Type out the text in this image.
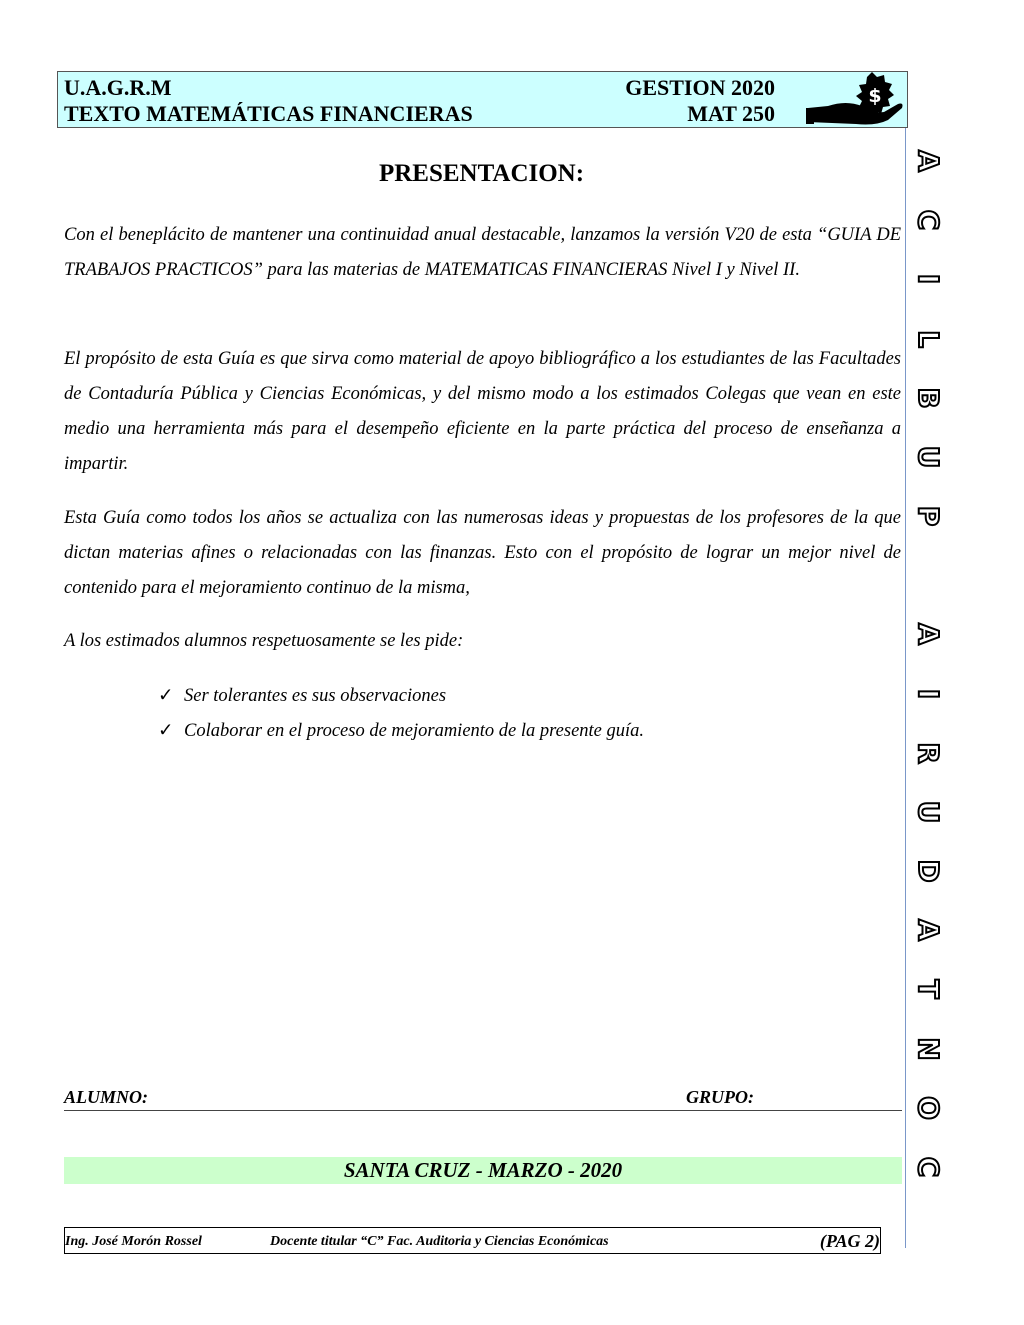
U.A.G.R.M
TEXTO MATEMÁTICAS FINANCIERAS
GESTION 2020
MAT 250
$
A
C
I
L
B
U
P
A
I
R
U
D
A
T
N
O
C
PRESENTACION:
Con el beneplácito de mantener una continuidad anual destacable, lanzamos la versión V20 de esta “GUIA DE TRABAJOS PRACTICOS” para las materias de MATEMATICAS FINANCIERAS Nivel I y Nivel II.
El propósito de esta Guía es que sirva como material de apoyo bibliográfico a los estudiantes de las Facultades de Contaduría Pública y Ciencias Económicas, y del mismo modo a los estimados Colegas que vean en este medio una herramienta más para el desempeño eficiente en la parte práctica del proceso de enseñanza a impartir.
Esta Guía como todos los años se actualiza con las numerosas ideas y propuestas de los profesores de la que dictan materias afines o relacionadas con las finanzas. Esto con el propósito de lograr un mejor nivel de contenido para el mejoramiento continuo de la misma,
A los estimados alumnos respetuosamente se les pide:
✓ Ser tolerantes es sus observaciones
✓ Colaborar en el proceso de mejoramiento de la presente guía.
ALUMNO:	GRUPO:
SANTA CRUZ - MARZO - 2020
Ing. José Morón Rossel	Docente titular “C” Fac. Auditoria y Ciencias Económicas	(PAG 2)
